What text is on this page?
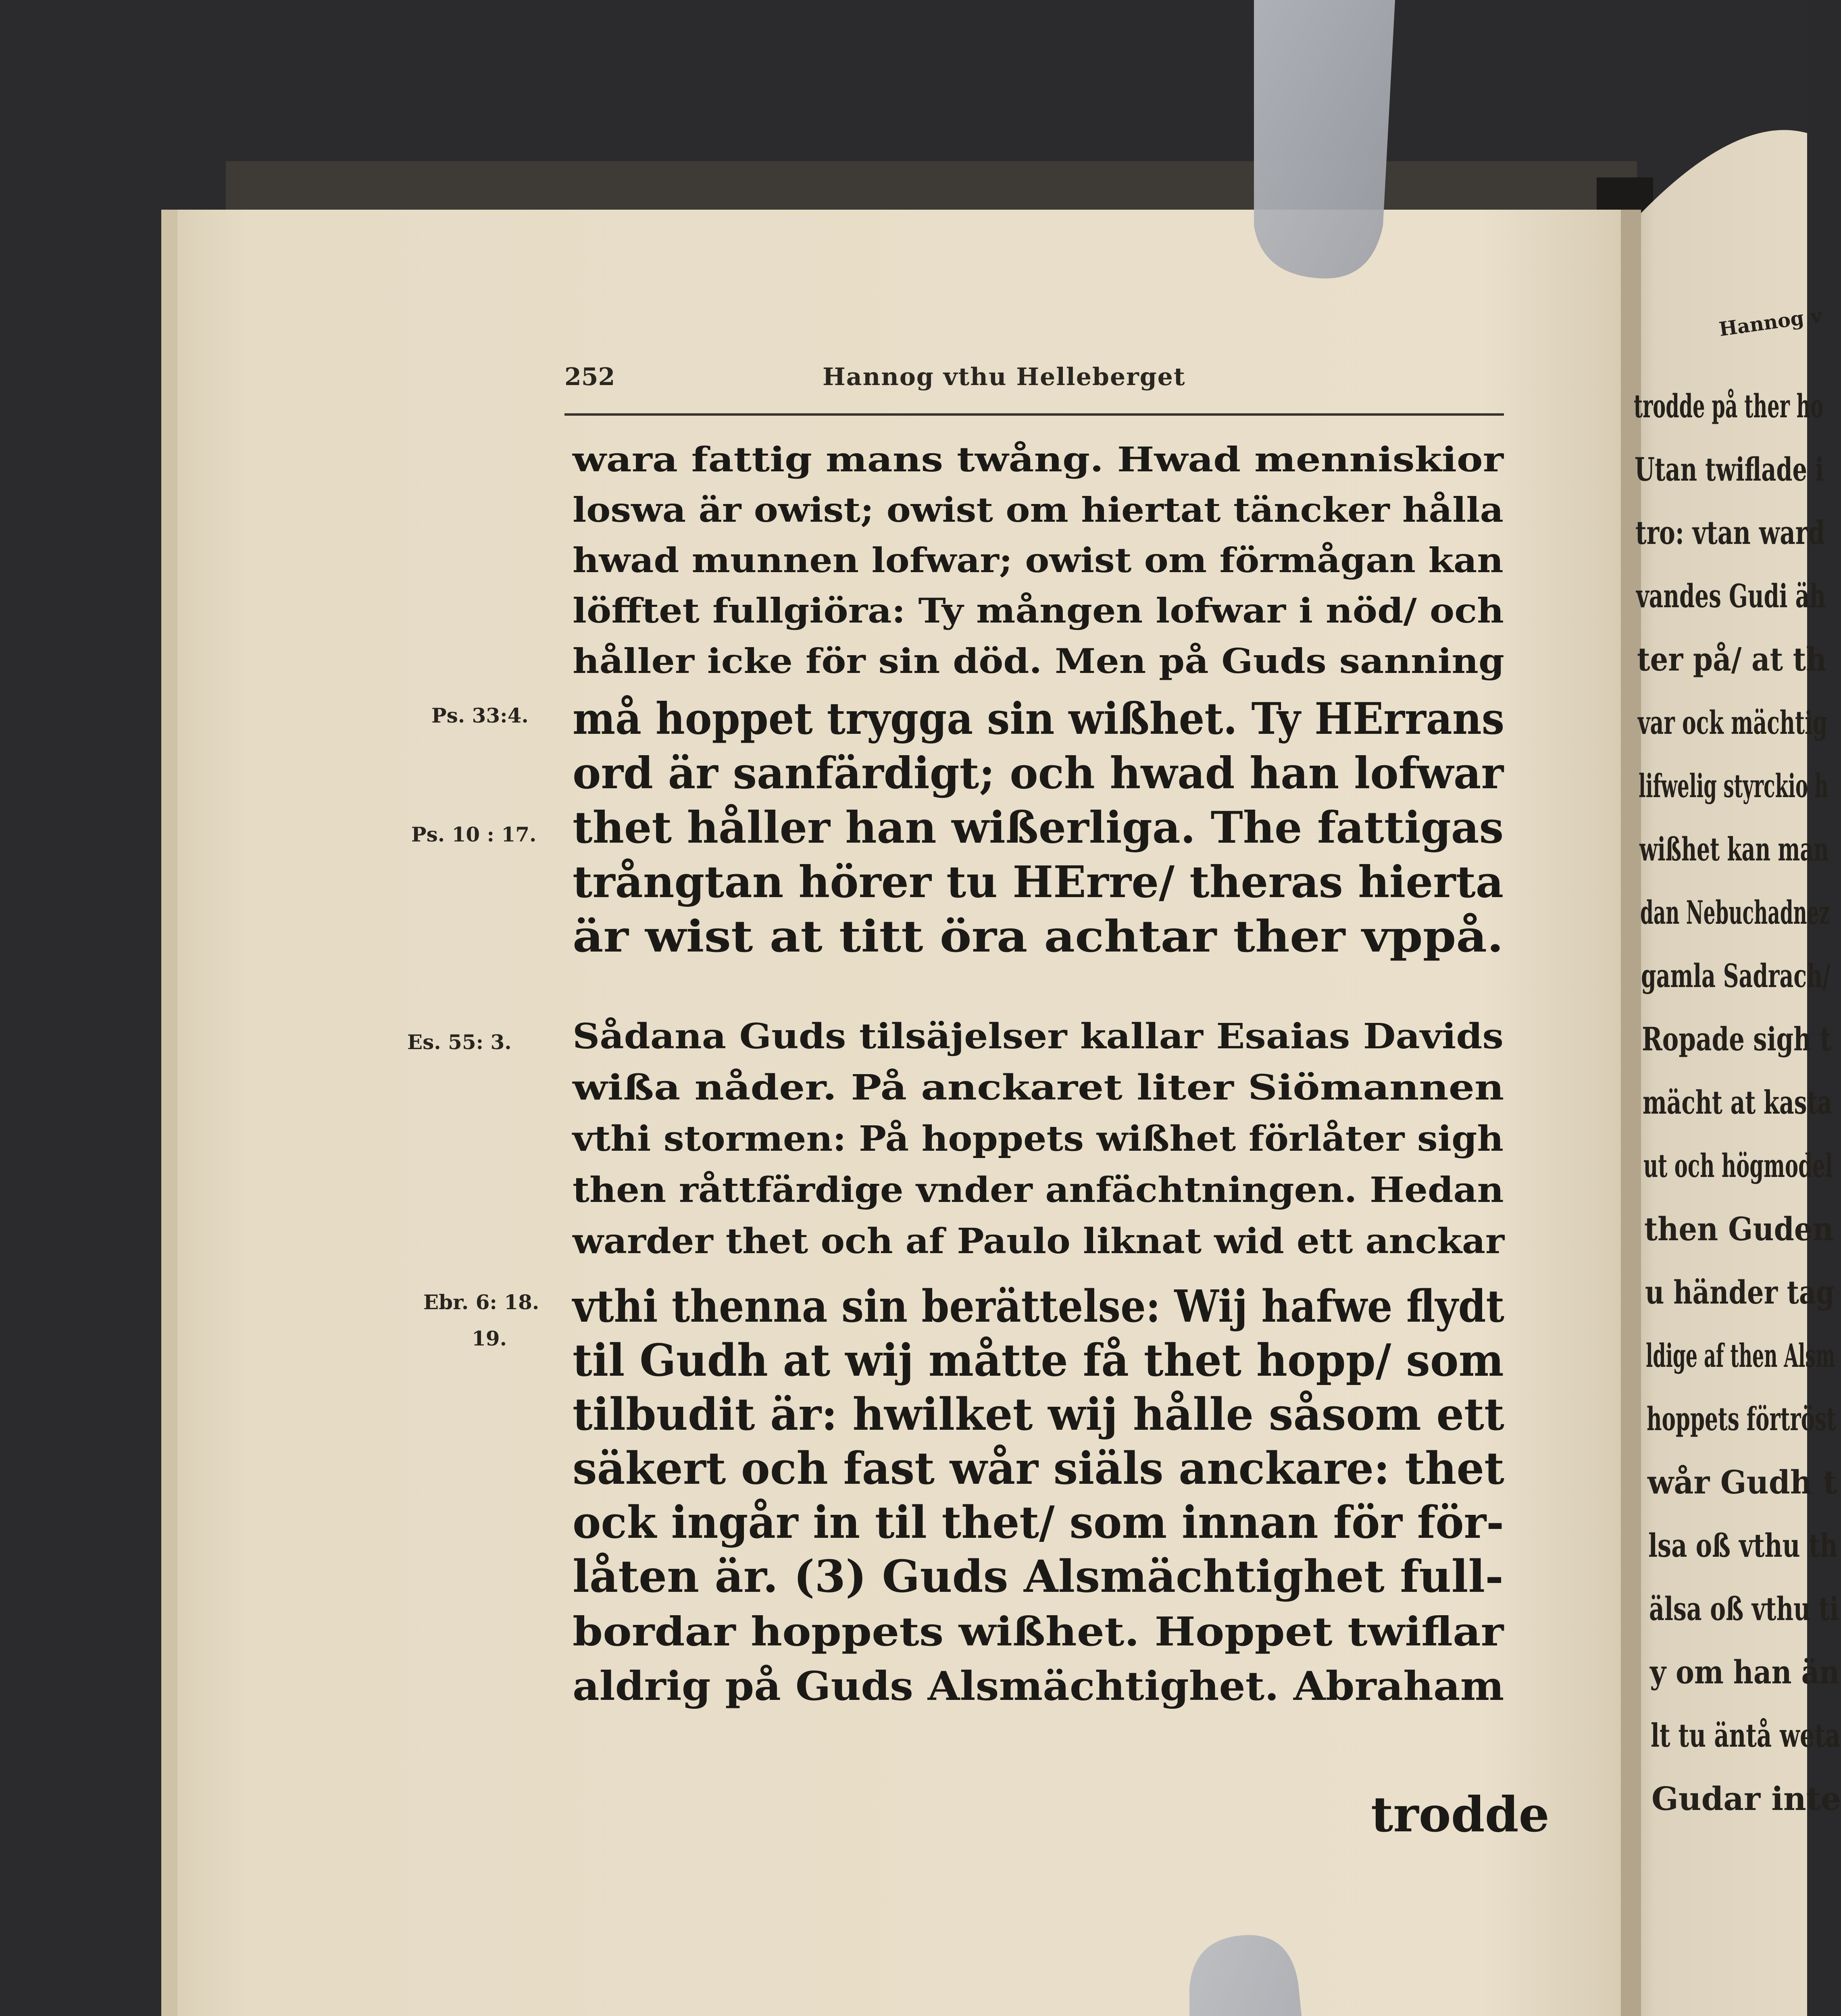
252	Hannog vthu Helleberget
wara fattig mans twång. Hwad menniskior
loswa är owist; owist om hiertat täncker hålla
hwad munnen lofwar; owist om förmågan kan
löfftet fullgiöra: Ty mången lofwar i nöd/ och
håller icke för sin död. Men på Guds sanning
må hoppet trygga sin wißhet. Ty HErrans
ord är sanfärdigt; och hwad han lofwar
thet håller han wißerliga. The fattigas
trångtan hörer tu HErre/ theras hierta
är wist at titt öra achtar ther vppå.
Sådana Guds tilsäjelser kallar Esaias Davids
wißa nåder. På anckaret liter Siömannen
vthi stormen: På hoppets wißhet förlåter sigh
then råttfärdige vnder anfächtningen. Hedan
warder thet och af Paulo liknat wid ett anckar
vthi thenna sin berättelse: Wij hafwe flydt
til Gudh at wij måtte få thet hopp/ som
tilbudit är: hwilket wij hålle såsom ett
säkert och fast wår siäls anckare: thet
ock ingår in til thet/ som innan för för-
låten är. (3) Guds Alsmächtighet full-
bordar hoppets wißhet. Hoppet twiflar
aldrig på Guds Alsmächtighet. Abraham
Ps. 33:4.
Ps. 10 : 17.
Es. 55: 3.
Ebr. 6: 18.
19.
trodde
Hannog v
trodde på ther ho
Utan twiflade i
tro: vtan ward
vandes Gudi äh
ter på/ at th
var ock mächtig
lifwelig styrckio h
wißhet kan man
dan Nebuchadnez
gamla Sadrach/
Ropade sigh t
mächt at kasta
ut och högmodel
then Guden
u händer tag
ldige af then Alsm
hoppets förtröst
wår Gudh t
lsa oß vthu th
älsa oß vthu ti
y om han än
lt tu äntå weta
Gudar inte
